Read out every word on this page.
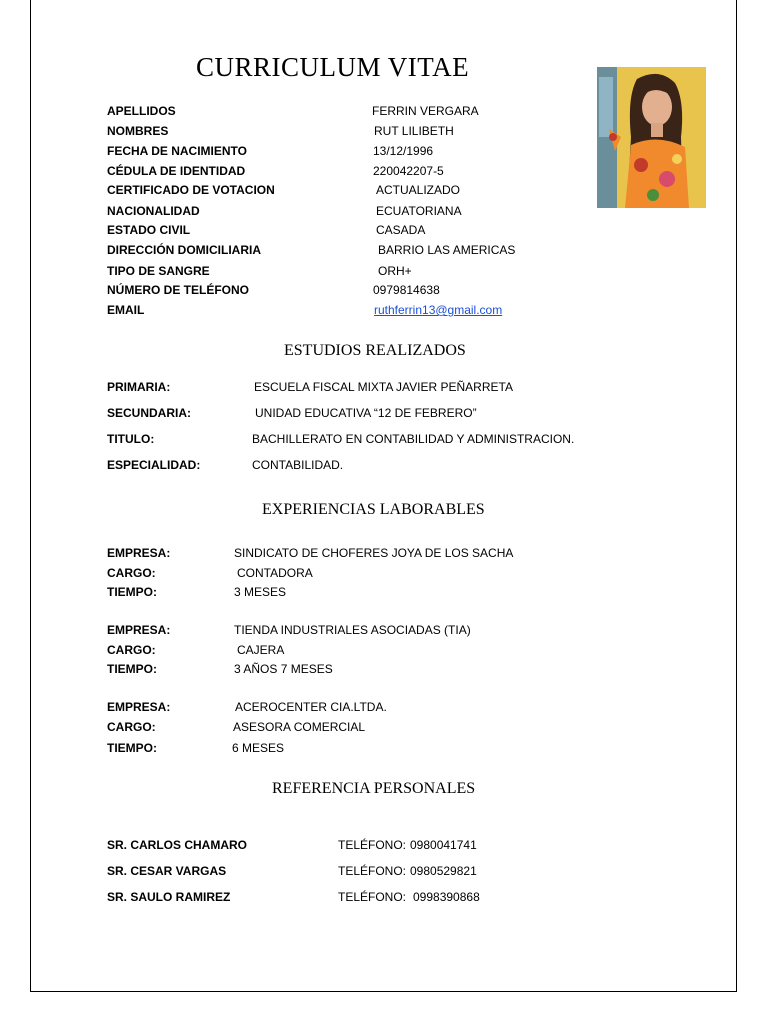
CURRICULUM VITAE
APELLIDOS	FERRIN VERGARA
NOMBRES	RUT LILIBETH
FECHA DE NACIMIENTO	13/12/1996
CÉDULA DE IDENTIDAD	220042207-5
CERTIFICADO DE VOTACION	ACTUALIZADO
NACIONALIDAD	ECUATORIANA
ESTADO CIVIL	CASADA
DIRECCIÓN DOMICILIARIA	BARRIO LAS AMERICAS
TIPO DE SANGRE	ORH+
NÚMERO DE TELÉFONO	0979814638
EMAIL	ruthferrin13@gmail.com
ESTUDIOS REALIZADOS
PRIMARIA:	ESCUELA FISCAL MIXTA JAVIER PEÑARRETA
SECUNDARIA:	UNIDAD EDUCATIVA “12 DE FEBRERO”
TITULO:	BACHILLERATO EN CONTABILIDAD Y ADMINISTRACION.
ESPECIALIDAD:	CONTABILIDAD.
EXPERIENCIAS LABORABLES
EMPRESA:	SINDICATO DE CHOFERES JOYA DE LOS SACHA
CARGO:	CONTADORA
TIEMPO:	3 MESES
EMPRESA:	TIENDA INDUSTRIALES ASOCIADAS (TIA)
CARGO:	CAJERA
TIEMPO:	3 AÑOS 7 MESES
EMPRESA:	ACEROCENTER CIA.LTDA.
CARGO:	ASESORA COMERCIAL
TIEMPO:	6 MESES
REFERENCIA PERSONALES
SR. CARLOS CHAMARO	TELÉFONO: 0980041741
SR. CESAR VARGAS	TELÉFONO: 0980529821
SR. SAULO RAMIREZ	TELÉFONO: 0998390868
